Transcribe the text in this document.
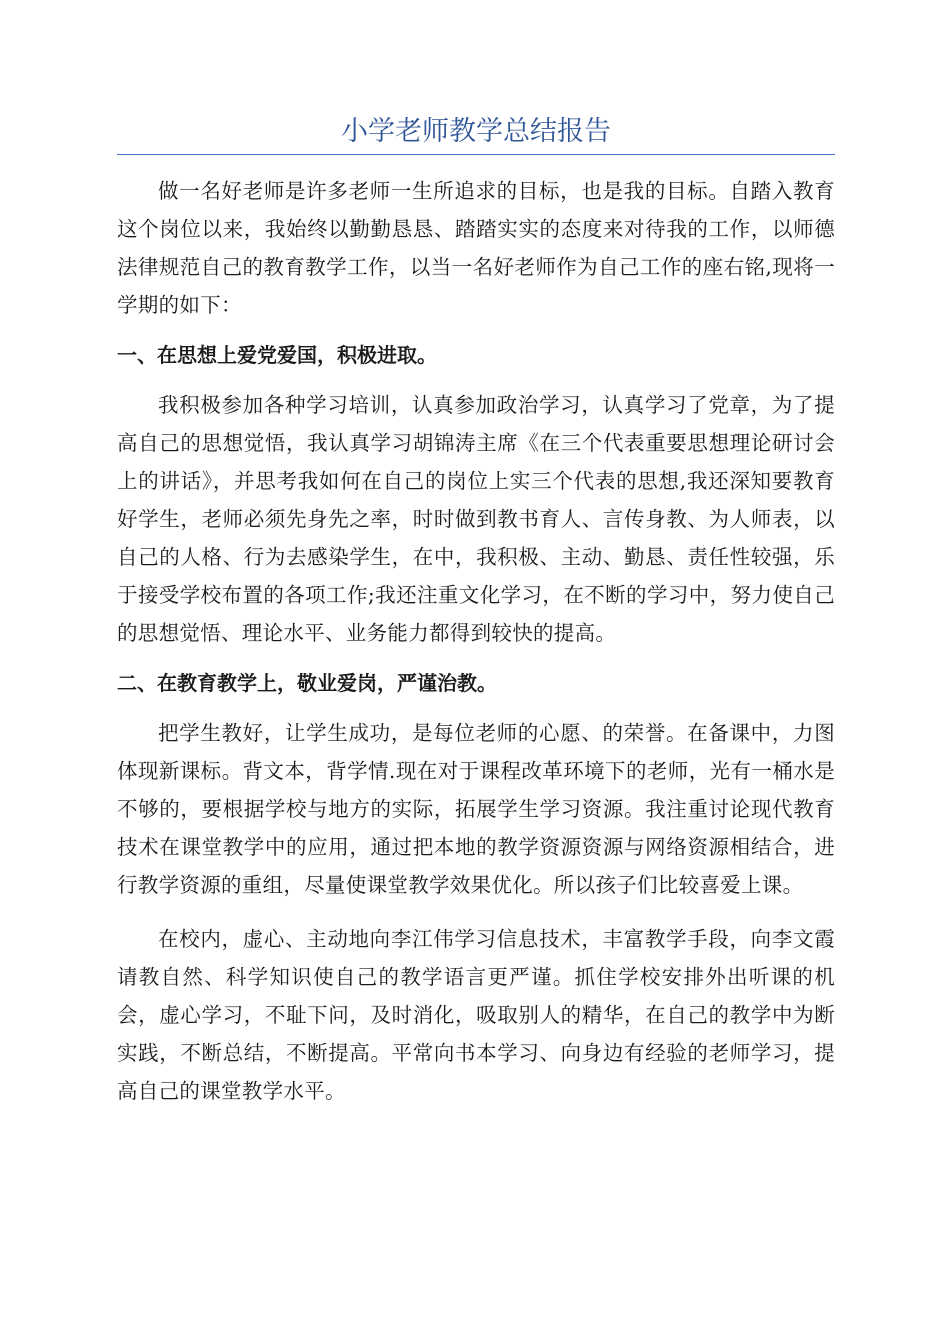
小学老师教学总结报告

做一名好老师是许多老师一生所追求的目标，也是我的目标。自踏入教育这个岗位以来，我始终以勤勤恳恳、踏踏实实的态度来对待我的工作，以师德法律规范自己的教育教学工作，以当一名好老师作为自己工作的座右铭,现将一学期的如下：

一、在思想上爱党爱国，积极进取。

我积极参加各种学习培训，认真参加政治学习，认真学习了党章，为了提高自己的思想觉悟，我认真学习胡锦涛主席《在三个代表重要思想理论研讨会上的讲话》，并思考我如何在自己的岗位上实三个代表的思想,我还深知要教育好学生，老师必须先身先之率，时时做到教书育人、言传身教、为人师表，以自己的人格、行为去感染学生，在中，我积极、主动、勤恳、责任性较强，乐于接受学校布置的各项工作;我还注重文化学习，在不断的学习中，努力使自己的思想觉悟、理论水平、业务能力都得到较快的提高。

二、在教育教学上，敬业爱岗，严谨治教。

把学生教好，让学生成功，是每位老师的心愿、的荣誉。在备课中，力图体现新课标。背文本，背学情.现在对于课程改革环境下的老师，光有一桶水是不够的，要根据学校与地方的实际，拓展学生学习资源。我注重讨论现代教育技术在课堂教学中的应用，通过把本地的教学资源资源与网络资源相结合，进行教学资源的重组，尽量使课堂教学效果优化。所以孩子们比较喜爱上课。

在校内，虚心、主动地向李江伟学习信息技术，丰富教学手段，向李文霞请教自然、科学知识使自己的教学语言更严谨。抓住学校安排外出听课的机会，虚心学习，不耻下问，及时消化，吸取别人的精华，在自己的教学中为断实践，不断总结，不断提高。平常向书本学习、向身边有经验的老师学习，提高自己的课堂教学水平。
